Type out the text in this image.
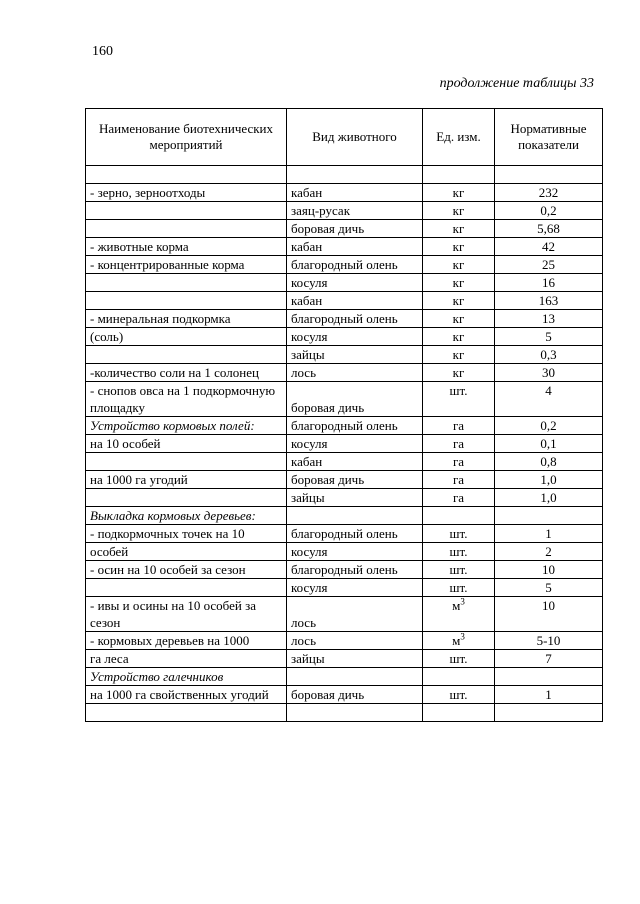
160
продолжение таблицы 33
Наименование биотехнических мероприятий	Вид животного	Ед. изм.	Нормативные показатели

- зерно, зерноотходы	кабан	кг	232
	заяц-русак	кг	0,2
	боровая дичь	кг	5,68
- животные корма	кабан	кг	42
- концентрированные корма	благородный олень	кг	25
	косуля	кг	16
	кабан	кг	163
- минеральная подкормка	благородный олень	кг	13
(соль)	косуля	кг	5
	зайцы	кг	0,3
-количество соли на 1 солонец	лось	кг	30
- снопов овса на 1 подкормочную площадку	боровая дичь	шт.	4
Устройство кормовых полей:	благородный олень	га	0,2
на 10 особей	косуля	га	0,1
	кабан	га	0,8
на 1000 га угодий	боровая дичь	га	1,0
	зайцы	га	1,0
Выкладка кормовых деревьев:			
- подкормочных точек на 10	благородный олень	шт.	1
особей	косуля	шт.	2
- осин на 10 особей за сезон	благородный олень	шт.	10
	косуля	шт.	5
- ивы и осины на 10 особей за сезон	лось	$м^3$	10
- кормовых деревьев на 1000	лось	$м^3$	5-10
га леса	зайцы	шт.	7
Устройство галечников			
на 1000 га свойственных угодий	боровая дичь	шт.	1
